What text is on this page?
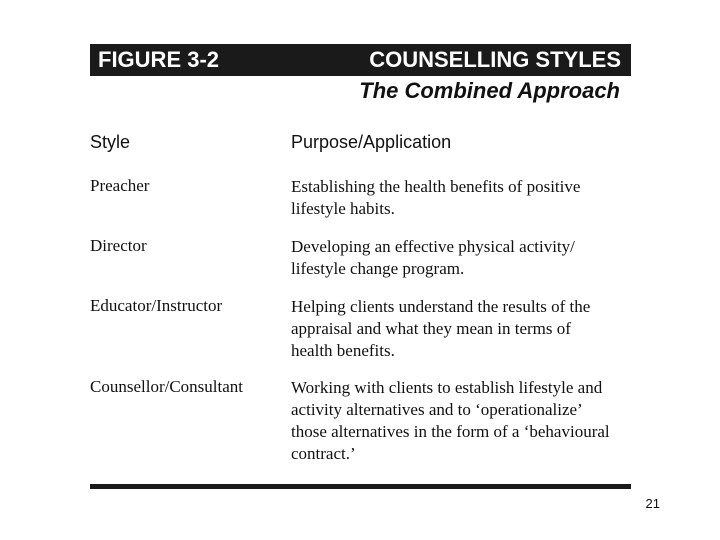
FIGURE 3-2	COUNSELLING STYLES
The Combined Approach
Style	Purpose/Application
Preacher	Establishing the health benefits of positive
lifestyle habits.
Director	Developing an effective physical activity/
lifestyle change program.
Educator/Instructor	Helping clients understand the results of the
appraisal and what they mean in terms of
health benefits.
Counsellor/Consultant	Working with clients to establish lifestyle and
activity alternatives and to ‘operationalize’
those alternatives in the form of a ‘behavioural
contract.’
21
